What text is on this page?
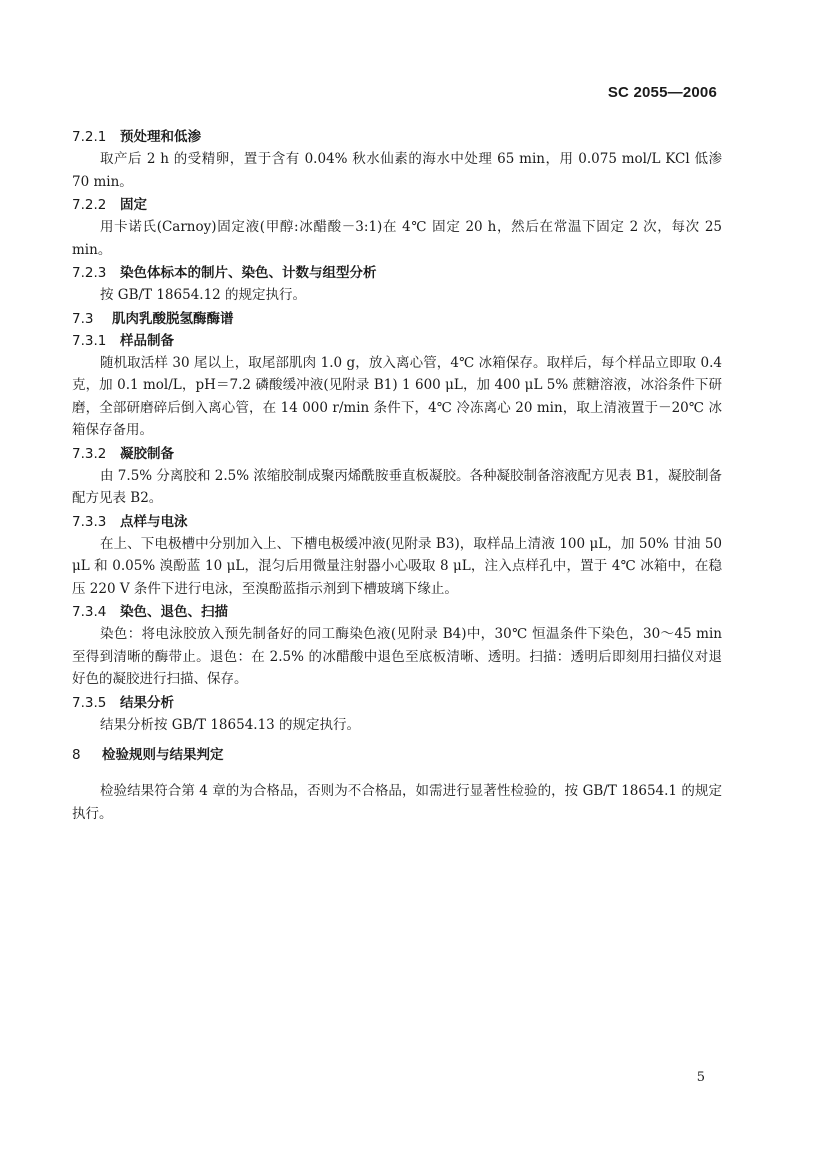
SC 2055—2006
7.2.1 预处理和低渗

取产后 2 h 的受精卵，置于含有 0.04% 秋水仙素的海水中处理 65 min，用 0.075 mol/L KCl 低渗 70 min。

7.2.2 固定

用卡诺氏(Carnoy)固定液(甲醇:冰醋酸－3:1)在 4℃ 固定 20 h，然后在常温下固定 2 次，每次 25 min。

7.2.3 染色体标本的制片、染色、计数与组型分析

按 GB/T 18654.12 的规定执行。

7.3 肌肉乳酸脱氢酶酶谱
7.3.1 样品制备

随机取活样 30 尾以上，取尾部肌肉 1.0 g，放入离心管，4℃ 冰箱保存。取样后，每个样品立即取 0.4 克，加 0.1 mol/L，pH＝7.2 磷酸缓冲液(见附录 B1) 1 600 μL，加 400 μL 5% 蔗糖溶液，冰浴条件下研磨，全部研磨碎后倒入离心管，在 14 000 r/min 条件下，4℃ 冷冻离心 20 min，取上清液置于－20℃ 冰箱保存备用。

7.3.2 凝胶制备

由 7.5% 分离胶和 2.5% 浓缩胶制成聚丙烯酰胺垂直板凝胶。各种凝胶制备溶液配方见表 B1，凝胶制备配方见表 B2。

7.3.3 点样与电泳

在上、下电极槽中分别加入上、下槽电极缓冲液(见附录 B3)，取样品上清液 100 μL，加 50% 甘油 50 μL 和 0.05% 溴酚蓝 10 μL，混匀后用微量注射器小心吸取 8 μL，注入点样孔中，置于 4℃ 冰箱中，在稳压 220 V 条件下进行电泳，至溴酚蓝指示剂到下槽玻璃下缘止。

7.3.4 染色、退色、扫描

染色：将电泳胶放入预先制备好的同工酶染色液(见附录 B4)中，30℃ 恒温条件下染色，30～45 min 至得到清晰的酶带止。退色：在 2.5% 的冰醋酸中退色至底板清晰、透明。扫描：透明后即刻用扫描仪对退好色的凝胶进行扫描、保存。

7.3.5 结果分析

结果分析按 GB/T 18654.13 的规定执行。

8 检验规则与结果判定

检验结果符合第 4 章的为合格品，否则为不合格品，如需进行显著性检验的，按 GB/T 18654.1 的规定执行。

5
